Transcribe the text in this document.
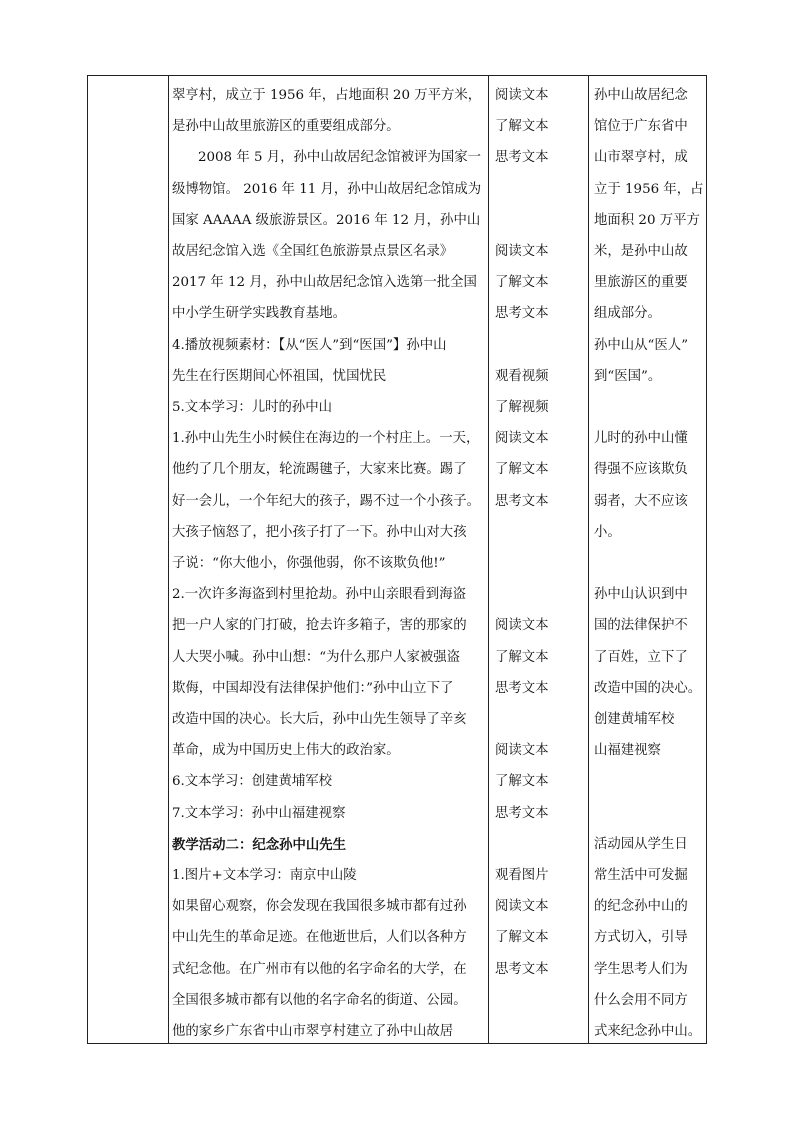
翠亨村，成立于 1956 年，占地面积 20 万平方米，
是孙中山故里旅游区的重要组成部分。
2008 年 5 月，孙中山故居纪念馆被评为国家一
级博物馆。 2016 年 11 月，孙中山故居纪念馆成为
国家 AAAAA 级旅游景区。2016 年 12 月，孙中山
故居纪念馆入选《全国红色旅游景点景区名录》
2017 年 12 月，孙中山故居纪念馆入选第一批全国
中小学生研学实践教育基地。
4.播放视频素材：【从“医人”到“医国”】孙中山
先生在行医期间心怀祖国，忧国忧民
5.文本学习：儿时的孙中山
1.孙中山先生小时候住在海边的一个村庄上。一天，
他约了几个朋友，轮流踢毽子，大家来比赛。踢了
好一会儿，一个年纪大的孩子，踢不过一个小孩子。
大孩子恼怒了，把小孩子打了一下。孙中山对大孩
子说：“你大他小，你强他弱，你不该欺负他!”
2.一次许多海盗到村里抢劫。孙中山亲眼看到海盗
把一户人家的门打破，抢去许多箱子，害的那家的
人大哭小喊。孙中山想：“为什么那户人家被强盗
欺侮，中国却没有法律保护他们：”孙中山立下了
改造中国的决心。长大后，孙中山先生领导了辛亥
革命，成为中国历史上伟大的政治家。
6.文本学习：创建黄埔军校
7.文本学习：孙中山福建视察
教学活动二：纪念孙中山先生
1.图片+文本学习：南京中山陵
如果留心观察，你会发现在我国很多城市都有过孙
中山先生的革命足迹。在他逝世后，人们以各种方
式纪念他。在广州市有以他的名字命名的大学，在
全国很多城市都有以他的名字命名的街道、公园。
他的家乡广东省中山市翠亨村建立了孙中山故居
阅读文本
了解文本
思考文本
阅读文本
了解文本
思考文本
观看视频
了解视频
阅读文本
了解文本
思考文本
阅读文本
了解文本
思考文本
阅读文本
了解文本
思考文本
观看图片
阅读文本
了解文本
思考文本
孙中山故居纪念
馆位于广东省中
山市翠亨村，成
立于 1956 年，占
地面积 20 万平方
米，是孙中山故
里旅游区的重要
组成部分。
孙中山从“医人”
到“医国”。
儿时的孙中山懂
得强不应该欺负
弱者，大不应该
小。
孙中山认识到中
国的法律保护不
了百姓，立下了
改造中国的决心。
创建黄埔军校
山福建视察
活动园从学生日
常生活中可发掘
的纪念孙中山的
方式切入，引导
学生思考人们为
什么会用不同方
式来纪念孙中山。
